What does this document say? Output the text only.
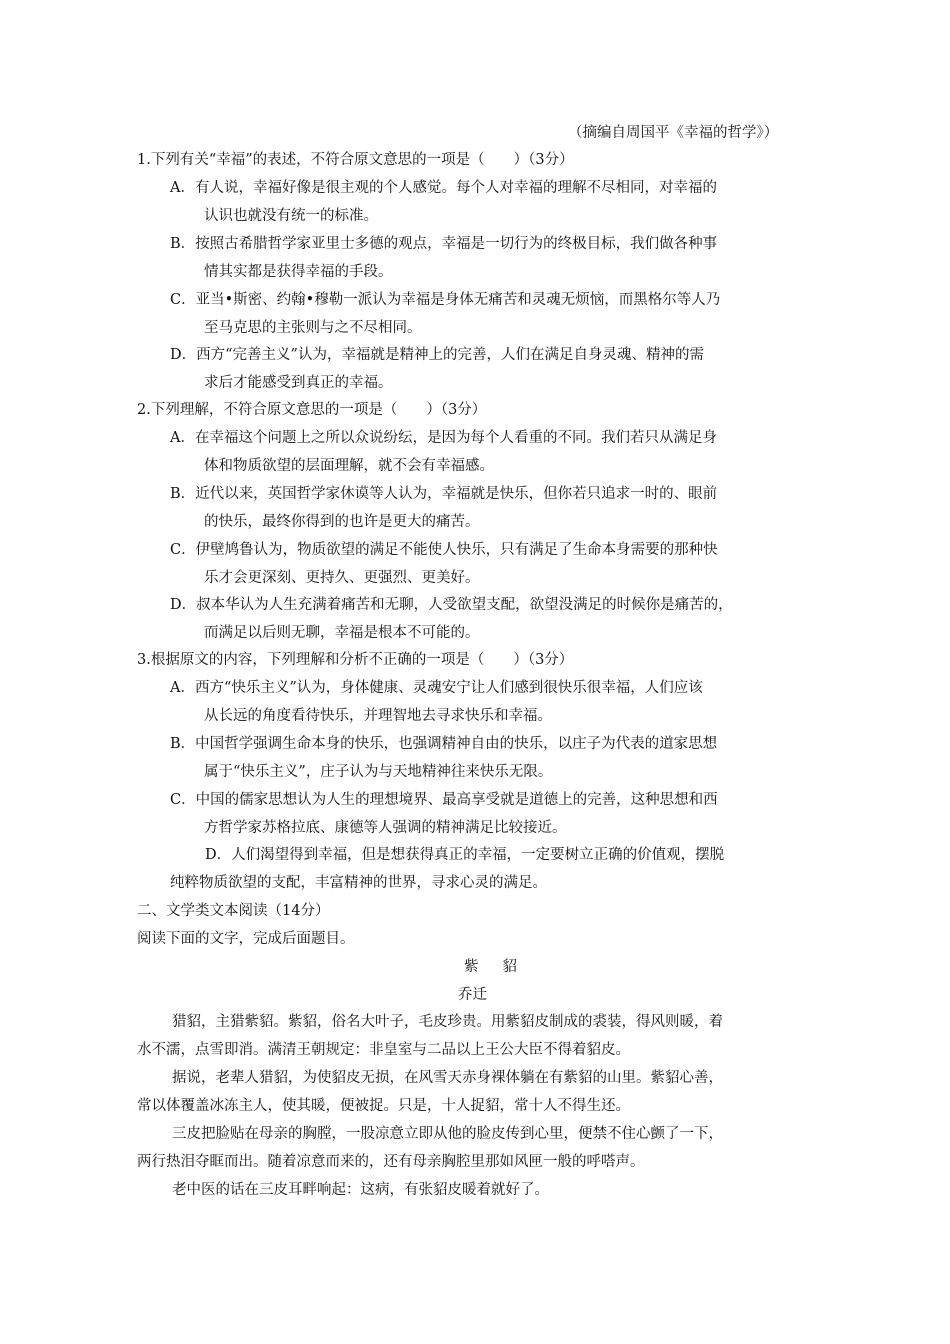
（摘编自周国平《幸福的哲学》）
1.下列有关“幸福”的表述，不符合原文意思的一项是（　　）（3分）
A．有人说，幸福好像是很主观的个人感觉。每个人对幸福的理解不尽相同，对幸福的
认识也就没有统一的标准。
B．按照古希腊哲学家亚里士多德的观点，幸福是一切行为的终极目标，我们做各种事
情其实都是获得幸福的手段。
C．亚当•斯密、约翰•穆勒一派认为幸福是身体无痛苦和灵魂无烦恼，而黑格尔等人乃
至马克思的主张则与之不尽相同。
D．西方“完善主义”认为，幸福就是精神上的完善，人们在满足自身灵魂、精神的需
求后才能感受到真正的幸福。
2.下列理解，不符合原文意思的一项是（　　）（3分）
A．在幸福这个问题上之所以众说纷纭，是因为每个人看重的不同。我们若只从满足身
体和物质欲望的层面理解，就不会有幸福感。
B．近代以来，英国哲学家休谟等人认为，幸福就是快乐，但你若只追求一时的、眼前
的快乐，最终你得到的也许是更大的痛苦。
C．伊壁鸠鲁认为，物质欲望的满足不能使人快乐，只有满足了生命本身需要的那种快
乐才会更深刻、更持久、更强烈、更美好。
D．叔本华认为人生充满着痛苦和无聊，人受欲望支配，欲望没满足的时候你是痛苦的，
而满足以后则无聊，幸福是根本不可能的。
3.根据原文的内容，下列理解和分析不正确的一项是（　　）（3分）
A．西方“快乐主义”认为，身体健康、灵魂安宁让人们感到很快乐很幸福，人们应该
从长远的角度看待快乐，并理智地去寻求快乐和幸福。
B．中国哲学强调生命本身的快乐，也强调精神自由的快乐，以庄子为代表的道家思想
属于“快乐主义”，庄子认为与天地精神往来快乐无限。
C．中国的儒家思想认为人生的理想境界、最高享受就是道德上的完善，这种思想和西
方哲学家苏格拉底、康德等人强调的精神满足比较接近。
D．人们渴望得到幸福，但是想获得真正的幸福，一定要树立正确的价值观，摆脱
纯粹物质欲望的支配，丰富精神的世界，寻求心灵的满足。
二、文学类文本阅读（14分）
阅读下面的文字，完成后面题目。
紫貂
乔迁
猎貂，主猎紫貂。紫貂，俗名大叶子，毛皮珍贵。用紫貂皮制成的裘装，得风则暖，着
水不濡，点雪即消。满清王朝规定：非皇室与二品以上王公大臣不得着貂皮。
据说，老辈人猎貂，为使貂皮无损，在风雪天赤身裸体躺在有紫貂的山里。紫貂心善，
常以体覆盖冰冻主人，使其暖，便被捉。只是，十人捉貂，常十人不得生还。
三皮把脸贴在母亲的胸膛，一股凉意立即从他的脸皮传到心里，便禁不住心颤了一下，
两行热泪夺眶而出。随着凉意而来的，还有母亲胸腔里那如风匣一般的呼嗒声。
老中医的话在三皮耳畔响起：这病，有张貂皮暖着就好了。
